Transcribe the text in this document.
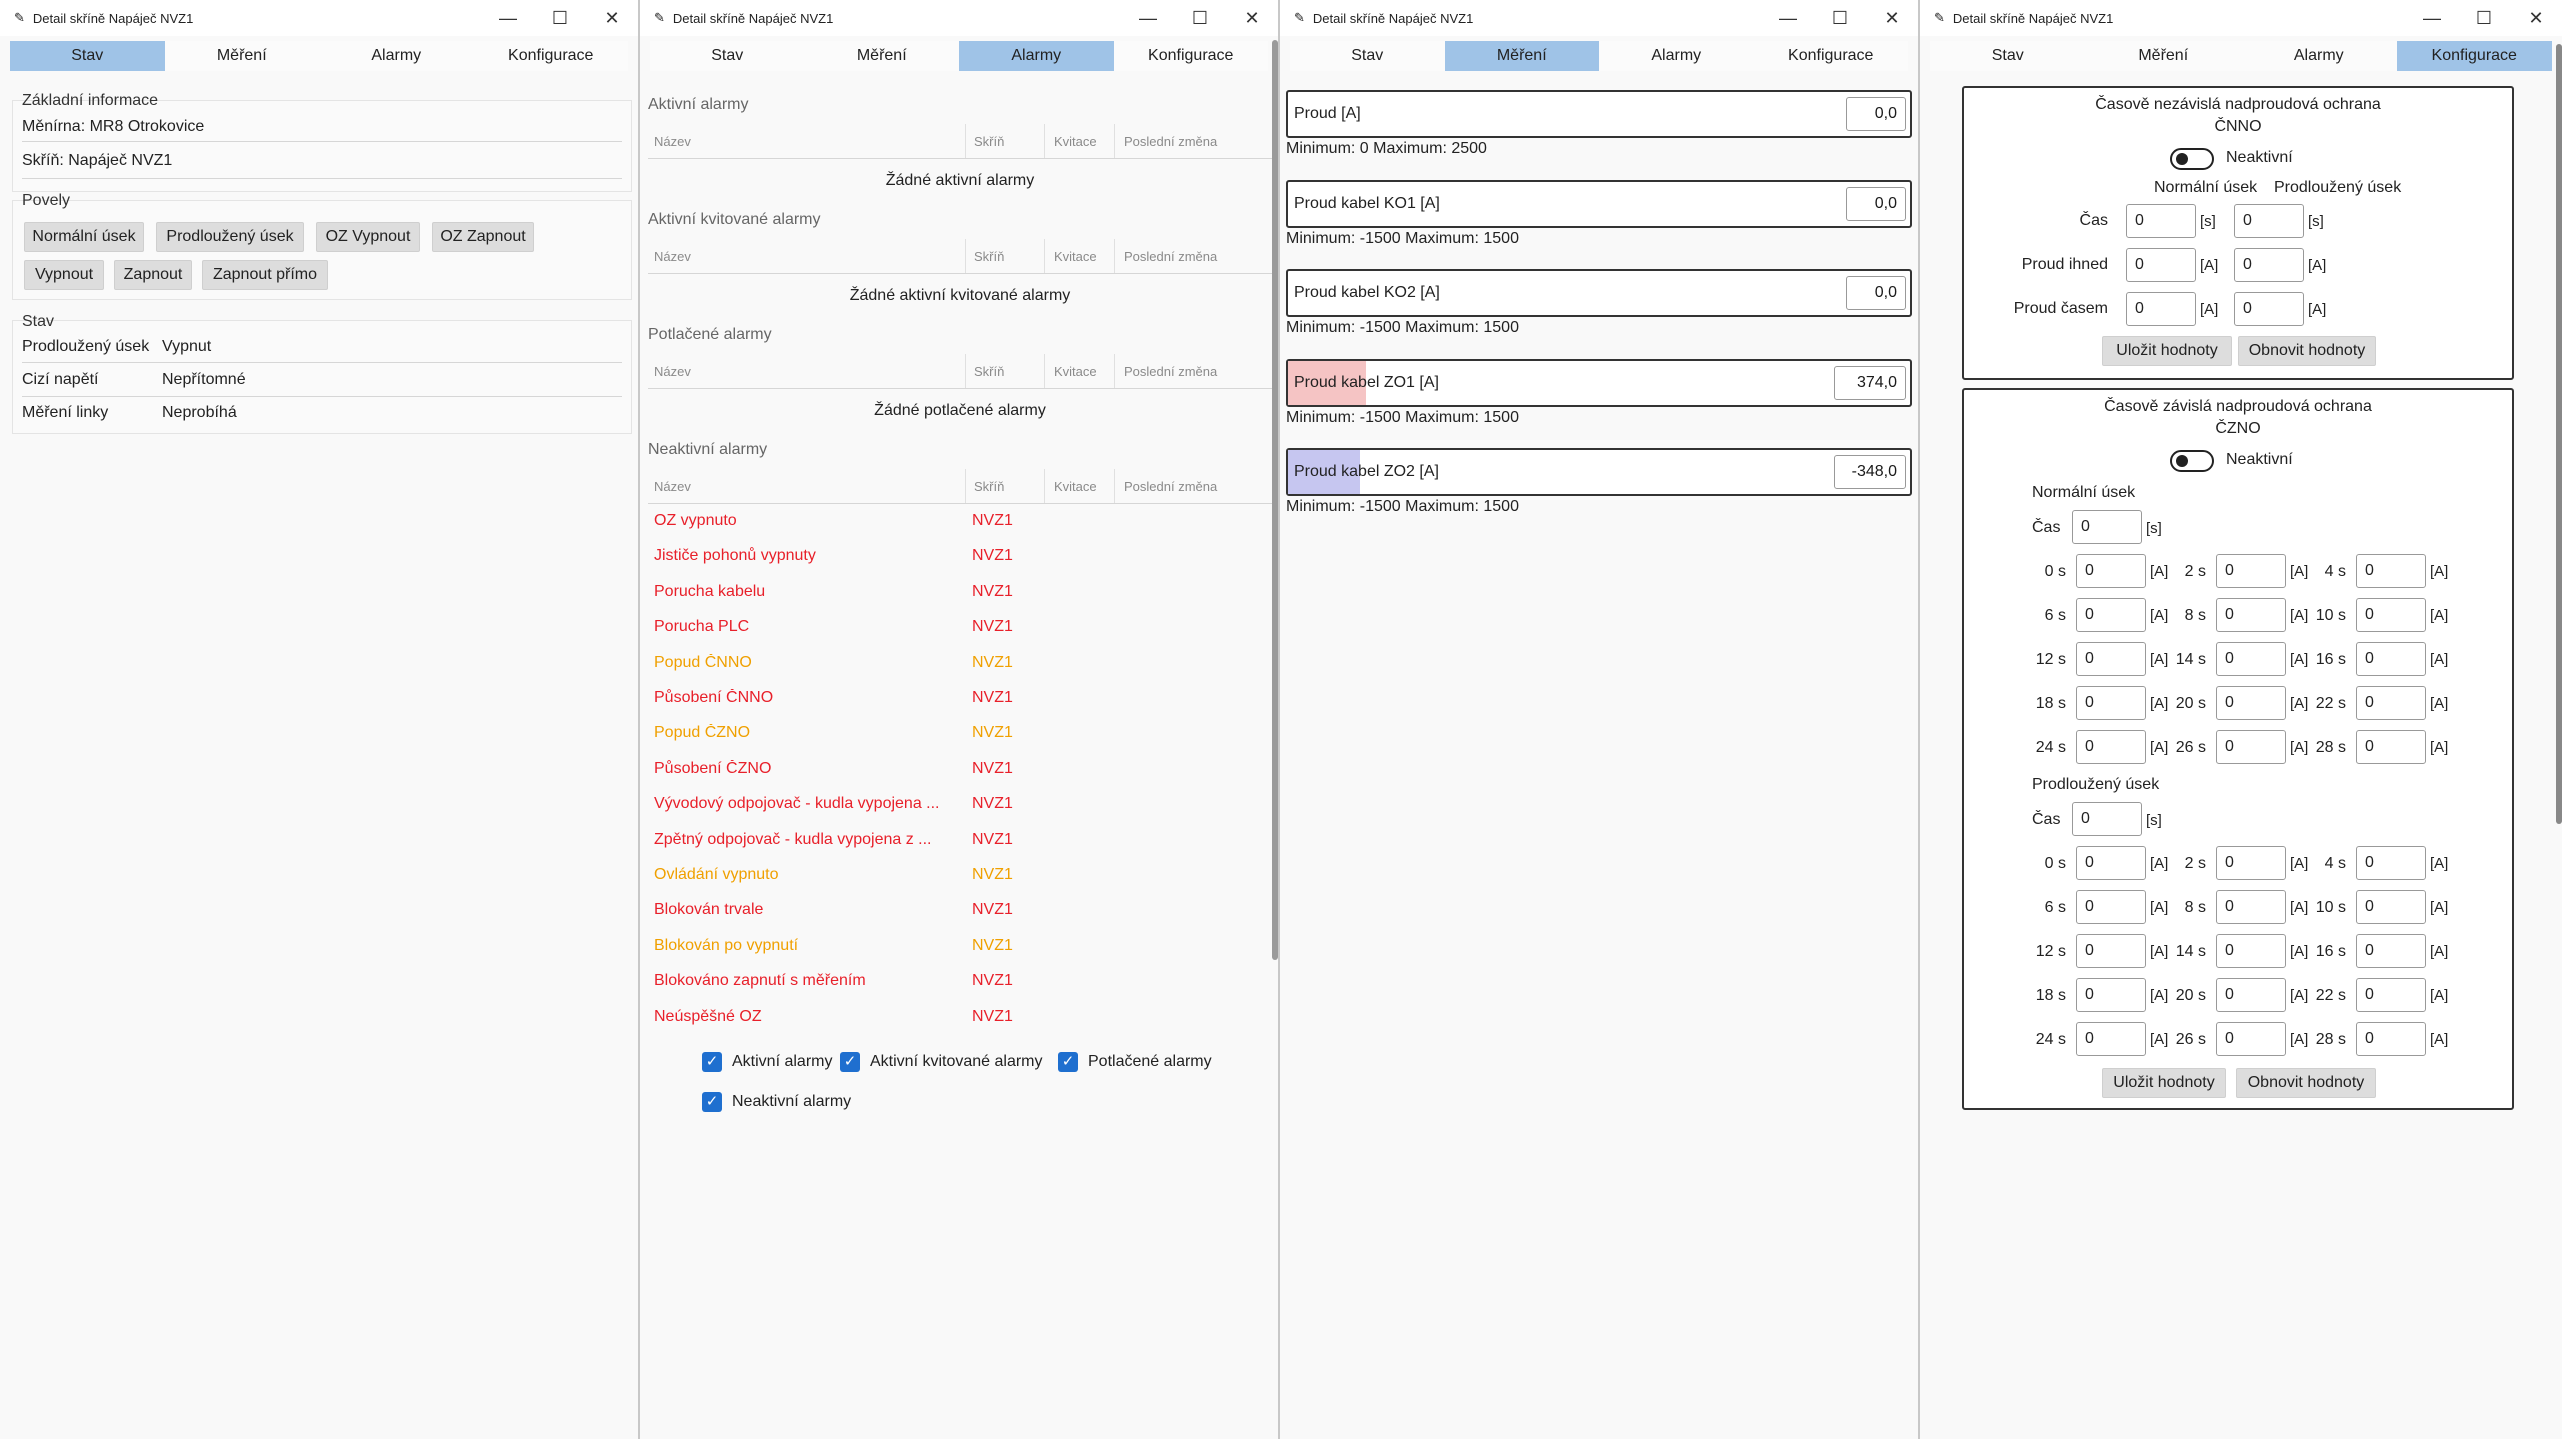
✎ Detail skříně Napáječ NVZ1	—	☐	✕
Stav	Měření	Alarmy	Konfigurace
Základní informace
Měnírna: MR8 Otrokovice
Skříň: Napáječ NVZ1
Povely
Normální úsek	Prodloužený úsek	OZ Vypnout	OZ Zapnout
Vypnout	Zapnout	Zapnout přímo
Stav
Prodloužený úsek Vypnut
Cizí napětí	Nepřítomné
Měření linky	Neprobíhá
✎ Detail skříně Napáječ NVZ1	—	☐	✕
Stav	Měření	Alarmy	Konfigurace
Aktivní alarmy
Název	Skříň	Kvitace Poslední změna
Žádné aktivní alarmy
Aktivní kvitované alarmy
Název	Skříň	Kvitace Poslední změna
Žádné aktivní kvitované alarmy
Potlačené alarmy
Název	Skříň	Kvitace Poslední změna
Žádné potlačené alarmy
Neaktivní alarmy
Název	Skříň	Kvitace Poslední změna
OZ vypnuto	NVZ1
Jističe pohonů vypnuty	NVZ1
Porucha kabelu	NVZ1
Porucha PLC	NVZ1
Popud ČNNO	NVZ1
Působení ČNNO	NVZ1
Popud ČZNO	NVZ1
Působení ČZNO	NVZ1
Vývodový odpojovač - kudla vypojena ...	NVZ1
Zpětný odpojovač - kudla vypojena z ...	NVZ1
Ovládání vypnuto	NVZ1
Blokován trvale	NVZ1
Blokován po vypnutí	NVZ1
Blokováno zapnutí s měřením	NVZ1
Neúspěšné OZ	NVZ1
✓ Aktivní alarmy ✓ Aktivní kvitované alarmy ✓ Potlačené alarmy
✓ Neaktivní alarmy
✎ Detail skříně Napáječ NVZ1	—	☐	✕
Stav	Měření	Alarmy	Konfigurace
Proud [A]	0,0
Minimum: 0 Maximum: 2500
Proud kabel KO1 [A]	0,0
Minimum: -1500 Maximum: 1500
Proud kabel KO2 [A]	0,0
Minimum: -1500 Maximum: 1500
Proud kabel ZO1 [A]	374,0
Minimum: -1500 Maximum: 1500
Proud kabel ZO2 [A]	-348,0
Minimum: -1500 Maximum: 1500
✎ Detail skříně Napáječ NVZ1	—	☐	✕
Stav	Měření	Alarmy	Konfigurace
Časově nezávislá nadproudová ochrana
ČNNO
Neaktivní
Normální úsek Prodloužený úsek
Čas	0	[s]	0	[s]
Proud ihned	0	[A]	0	[A]
Proud časem	0	[A]	0	[A]
Uložit hodnoty	Obnovit hodnoty
Časově závislá nadproudová ochrana
ČZNO
Neaktivní
Normální úsek
Čas	0	[s]
0 s	0	[A]	2 s	0	[A]	4 s	0	[A]
6 s	0	[A]	8 s	0	[A] 10 s	0	[A]
12 s	0	[A] 14 s	0	[A] 16 s	0	[A]
18 s	0	[A] 20 s	0	[A] 22 s	0	[A]
24 s	0	[A] 26 s	0	[A] 28 s	0	[A]
Prodloužený úsek
Čas	0	[s]
0 s	0	[A]	2 s	0	[A]	4 s	0	[A]
6 s	0	[A]	8 s	0	[A] 10 s	0	[A]
12 s	0	[A] 14 s	0	[A] 16 s	0	[A]
18 s	0	[A] 20 s	0	[A] 22 s	0	[A]
24 s	0	[A] 26 s	0	[A] 28 s	0	[A]
Uložit hodnoty	Obnovit hodnoty
